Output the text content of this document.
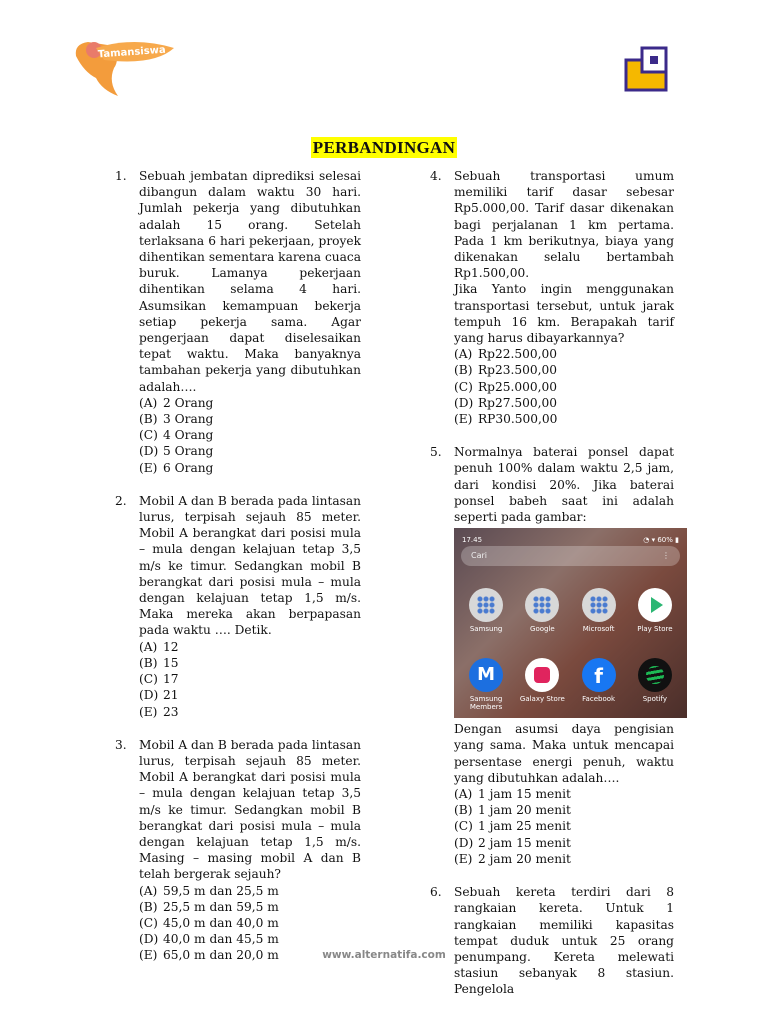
Tamansiswa
PERBANDINGAN
1. Sebuah jembatan diprediksi selesai dibangun dalam waktu 30 hari. Jumlah pekerja yang dibutuhkan adalah 15 orang. Setelah terlaksana 6 hari pekerjaan, proyek dihentikan sementara karena cuaca buruk. Lamanya pekerjaan dihentikan selama 4 hari. Asumsikan kemampuan bekerja setiap pekerja sama. Agar pengerjaan dapat diselesaikan tepat waktu. Maka banyaknya tambahan pekerja yang dibutuhkan adalah….
(A) 2 Orang
(B) 3 Orang
(C) 4 Orang
(D) 5 Orang
(E) 6 Orang
2. Mobil A dan B berada pada lintasan lurus, terpisah sejauh 85 meter. Mobil A berangkat dari posisi mula – mula dengan kelajuan tetap 3,5 m/s ke timur. Sedangkan mobil B berangkat dari posisi mula – mula dengan kelajuan tetap 1,5 m/s. Maka mereka akan berpapasan pada waktu …. Detik.
(A) 12
(B) 15
(C) 17
(D) 21
(E) 23
3. Mobil A dan B berada pada lintasan lurus, terpisah sejauh 85 meter. Mobil A berangkat dari posisi mula – mula dengan kelajuan tetap 3,5 m/s ke timur. Sedangkan mobil B berangkat dari posisi mula – mula dengan kelajuan tetap 1,5 m/s. Masing – masing mobil A dan B telah bergerak sejauh?
(A) 59,5 m dan 25,5 m
(B) 25,5 m dan 59,5 m
(C) 45,0 m dan 40,0 m
(D) 40,0 m dan 45,5 m
(E) 65,0 m dan 20,0 m
4. Sebuah transportasi umum memiliki tarif dasar sebesar Rp5.000,00. Tarif dasar dikenakan bagi perjalanan 1 km pertama. Pada 1 km berikutnya, biaya yang dikenakan selalu bertambah Rp1.500,00.
Jika Yanto ingin menggunakan transportasi tersebut, untuk jarak tempuh 16 km. Berapakah tarif yang harus dibayarkannya?
(A) Rp22.500,00
(B) Rp23.500,00
(C) Rp25.000,00
(D) Rp27.500,00
(E) RP30.500,00
5. Normalnya baterai ponsel dapat penuh 100% dalam waktu 2,5 jam, dari kondisi 20%. Jika baterai ponsel babeh saat ini adalah seperti pada gambar:
17.45	◔ ▾ 60% ▮
Cari	⋮
Samsung	Google	Microsoft	Play Store
M
Samsung Members
Galaxy Store
f
Facebook	Spotify
Dengan asumsi daya pengisian yang sama. Maka untuk mencapai persentase energi penuh, waktu yang dibutuhkan adalah….
(A) 1 jam 15 menit
(B) 1 jam 20 menit
(C) 1 jam 25 menit
(D) 2 jam 15 menit
(E) 2 jam 20 menit
6. Sebuah kereta terdiri dari 8 rangkaian kereta. Untuk 1 rangkaian memiliki kapasitas tempat duduk untuk 25 orang penumpang. Kereta melewati stasiun sebanyak 8 stasiun. Pengelola
www.alternatifa.com
